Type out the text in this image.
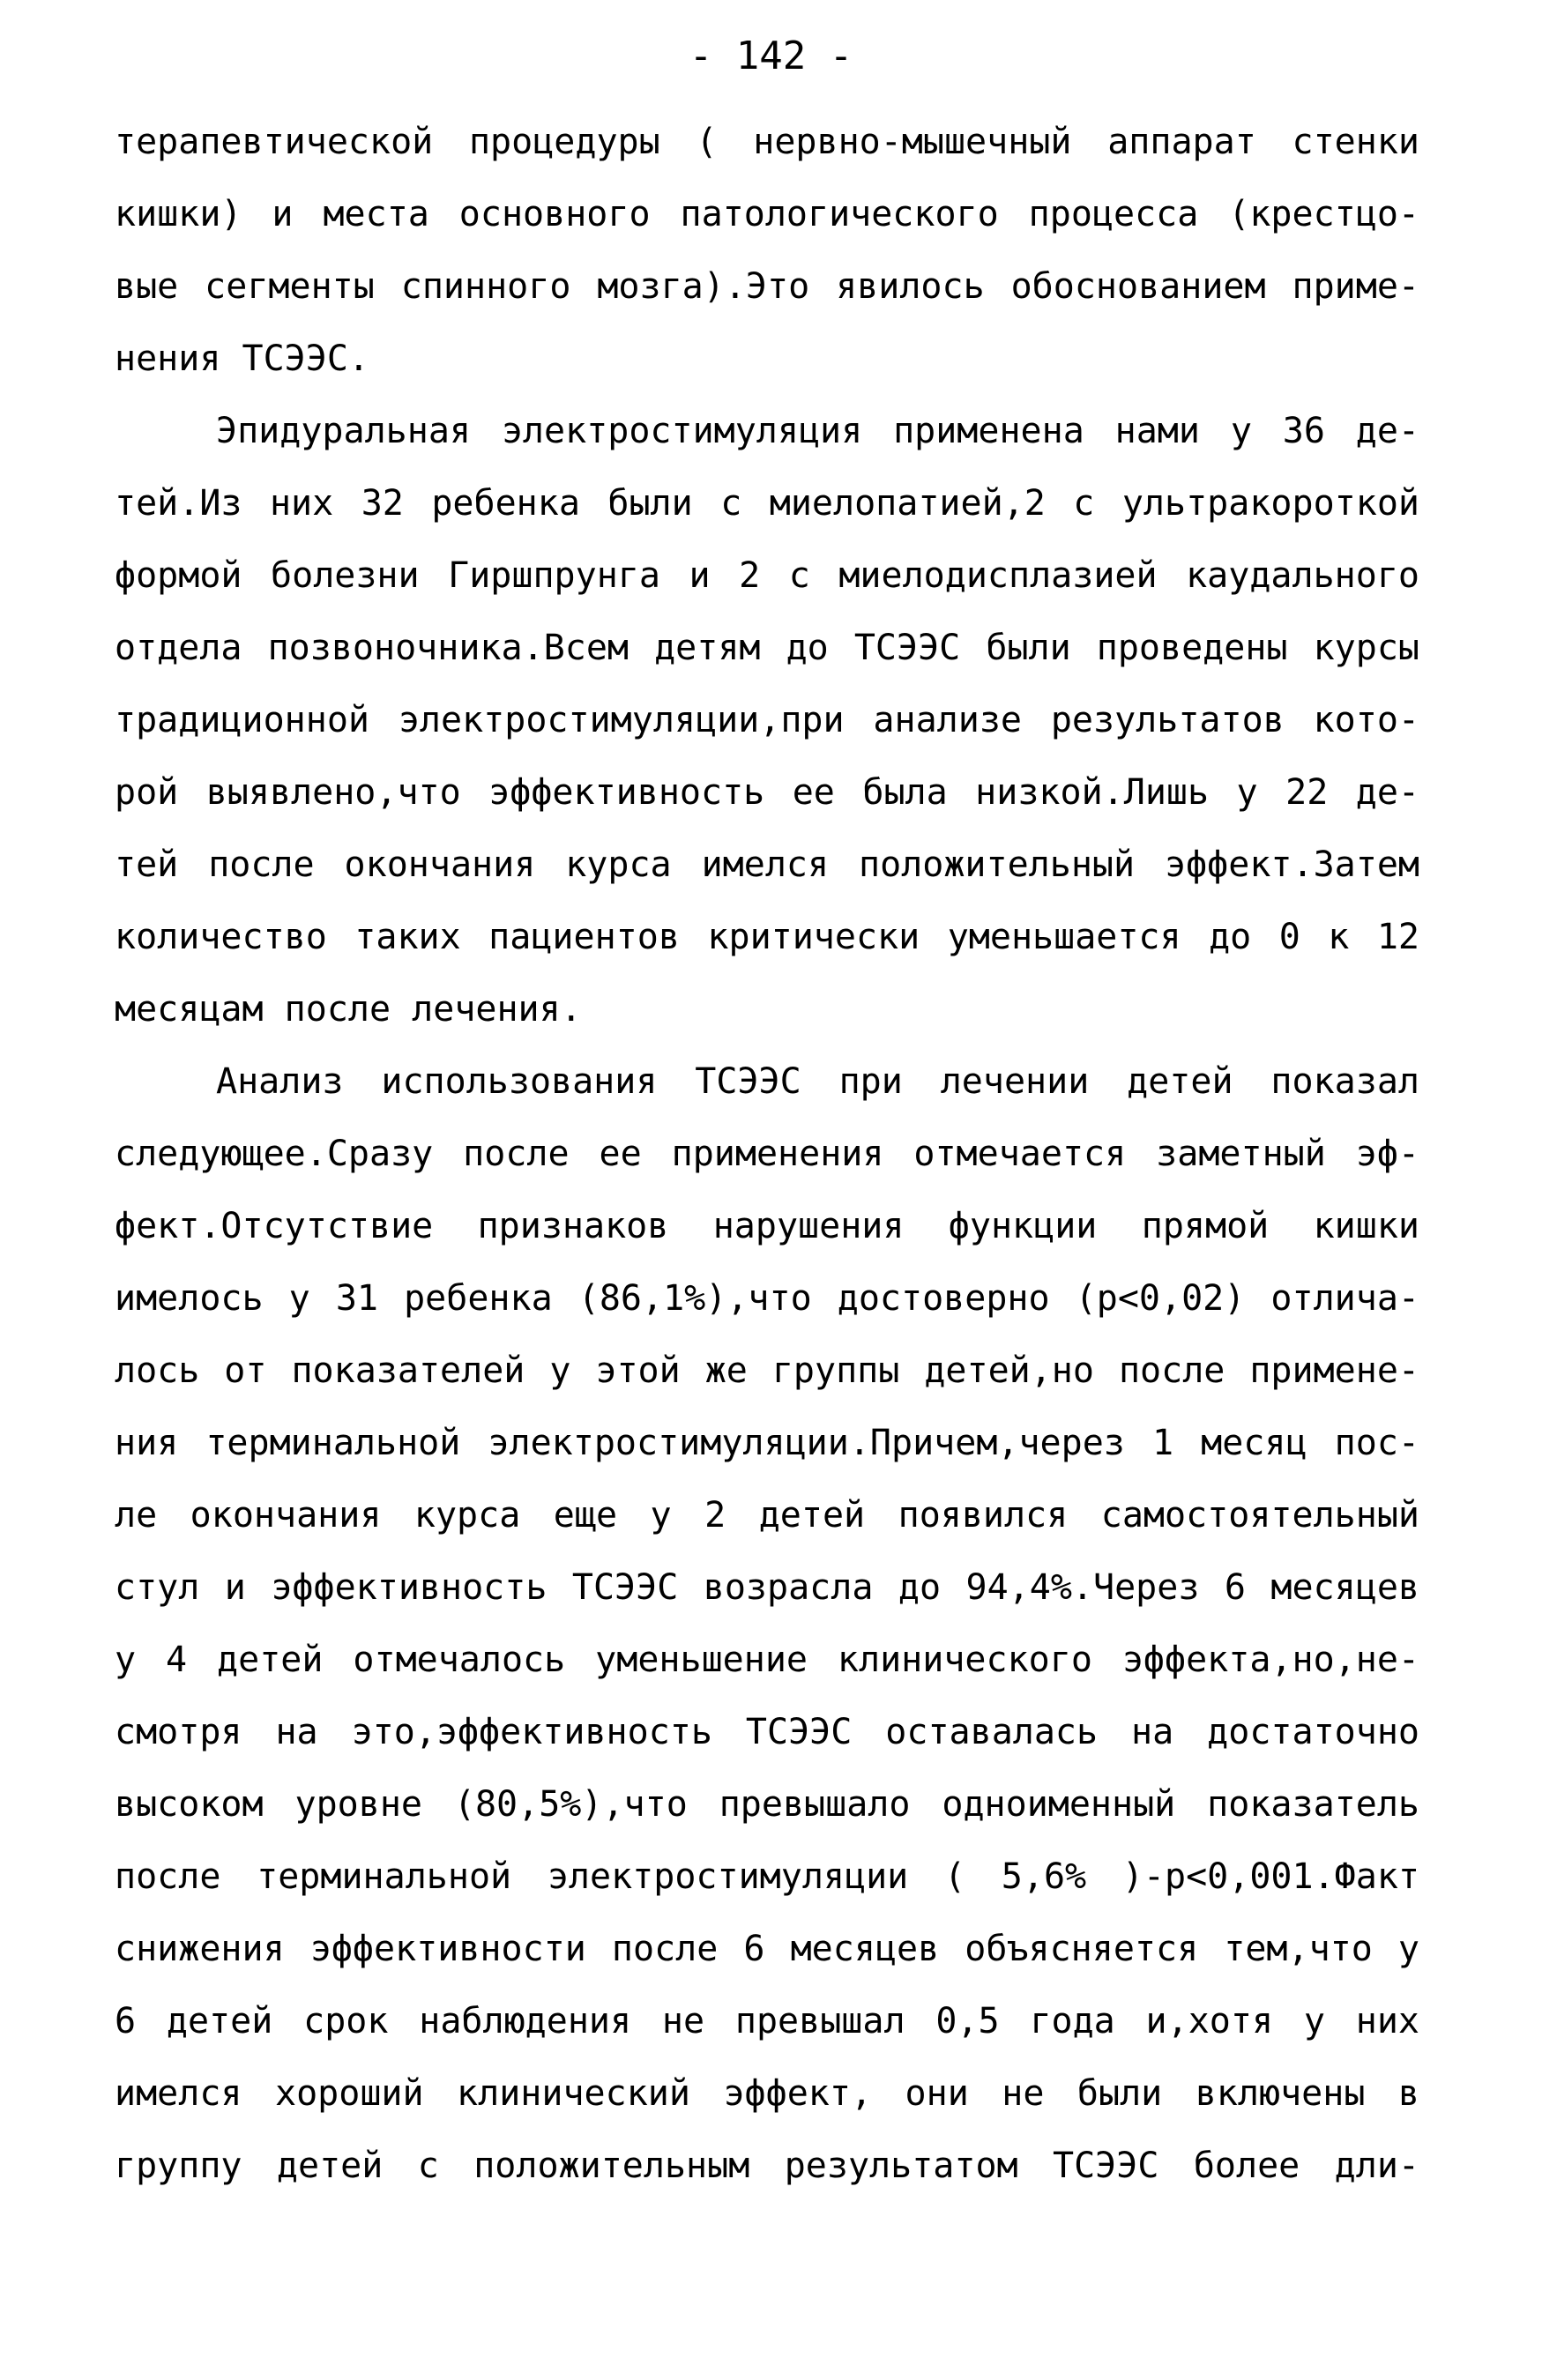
- 142 -
терапевтической процедуры ( нервно-мышечный аппарат стенки
кишки) и места основного патологического процесса (крестцо-
вые сегменты спинного мозга).Это явилось обоснованием приме-
нения ТСЭЭС.
Эпидуральная электростимуляция применена нами у 36 де-
тей.Из них 32 ребенка были с миелопатией,2 с ультракороткой
формой болезни Гиршпрунга и 2 с миелодисплазией каудального
отдела позвоночника.Всем детям до ТСЭЭС были проведены курсы
традиционной электростимуляции,при анализе результатов кото-
рой выявлено,что эффективность ее была низкой.Лишь у 22 де-
тей после окончания курса имелся положительный эффект.Затем
количество таких пациентов критически уменьшается до 0 к 12
месяцам после лечения.
Анализ использования ТСЭЭС при лечении детей показал
следующее.Сразу после ее применения отмечается заметный эф-
фект.Отсутствие признаков нарушения функции прямой кишки
имелось у 31 ребенка (86,1%),что достоверно (p<0,02) отлича-
лось от показателей у этой же группы детей,но после примене-
ния терминальной электростимуляции.Причем,через 1 месяц пос-
ле окончания курса еще у 2 детей появился самостоятельный
стул и эффективность ТСЭЭС возрасла до 94,4%.Через 6 месяцев
у 4 детей отмечалось уменьшение клинического эффекта,но,не-
смотря на это,эффективность ТСЭЭС оставалась на достаточно
высоком уровне (80,5%),что превышало одноименный показатель
после терминальной электростимуляции ( 5,6% )-p<0,001.Факт
снижения эффективности после 6 месяцев объясняется тем,что у
6 детей срок наблюдения не превышал 0,5 года и,хотя у них
имелся хороший клинический эффект, они не были включены в
группу детей с положительным результатом ТСЭЭС более дли-
